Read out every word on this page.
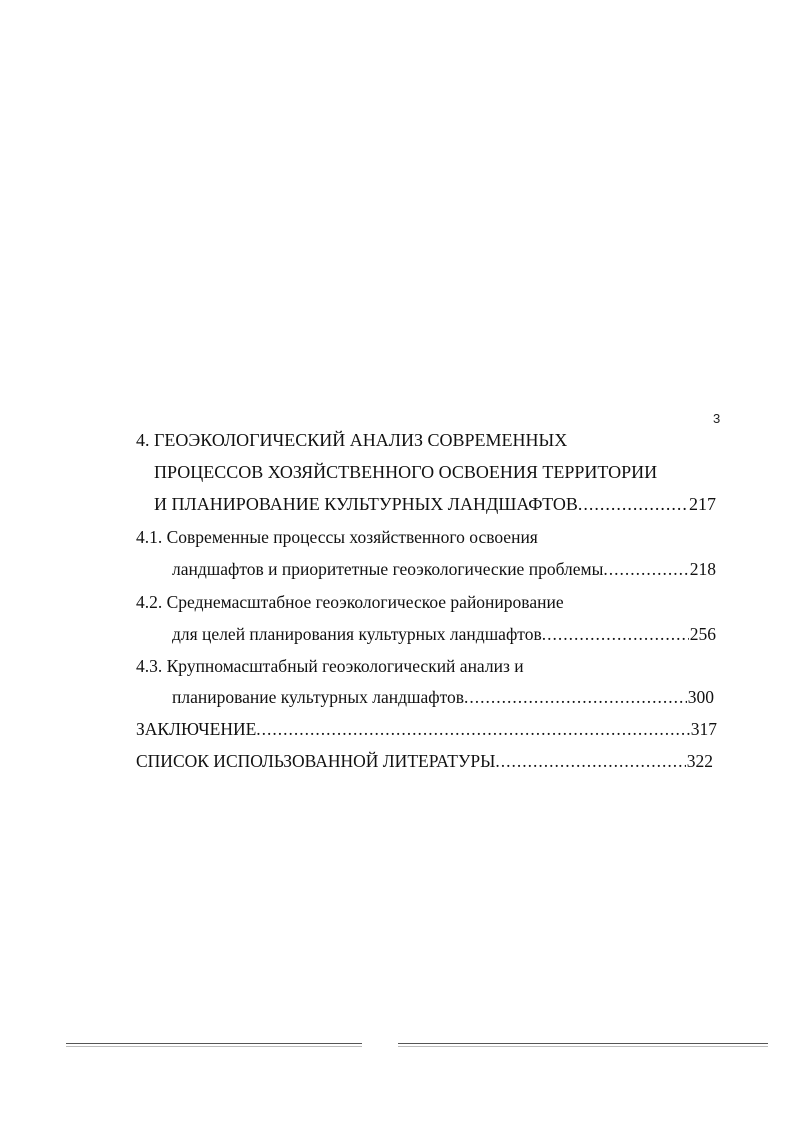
3
4. ГЕОЭКОЛОГИЧЕСКИЙ АНАЛИЗ СОВРЕМЕННЫХ
ПРОЦЕССОВ ХОЗЯЙСТВЕННОГО ОСВОЕНИЯ ТЕРРИТОРИИ
И ПЛАНИРОВАНИЕ КУЛЬТУРНЫХ ЛАНДШАФТОВ .....	217
4.1. Современные процессы хозяйственного освоения
ландшафтов и приоритетные геоэкологические проблемы .....	218
4.2. Среднемасштабное геоэкологическое районирование
для целей планирования культурных ландшафтов .....	256
4.3. Крупномасштабный геоэкологический анализ и
планирование культурных ландшафтов .....	300
ЗАКЛЮЧЕНИЕ .....	317
СПИСОК ИСПОЛЬЗОВАННОЙ ЛИТЕРАТУРЫ .....	322
